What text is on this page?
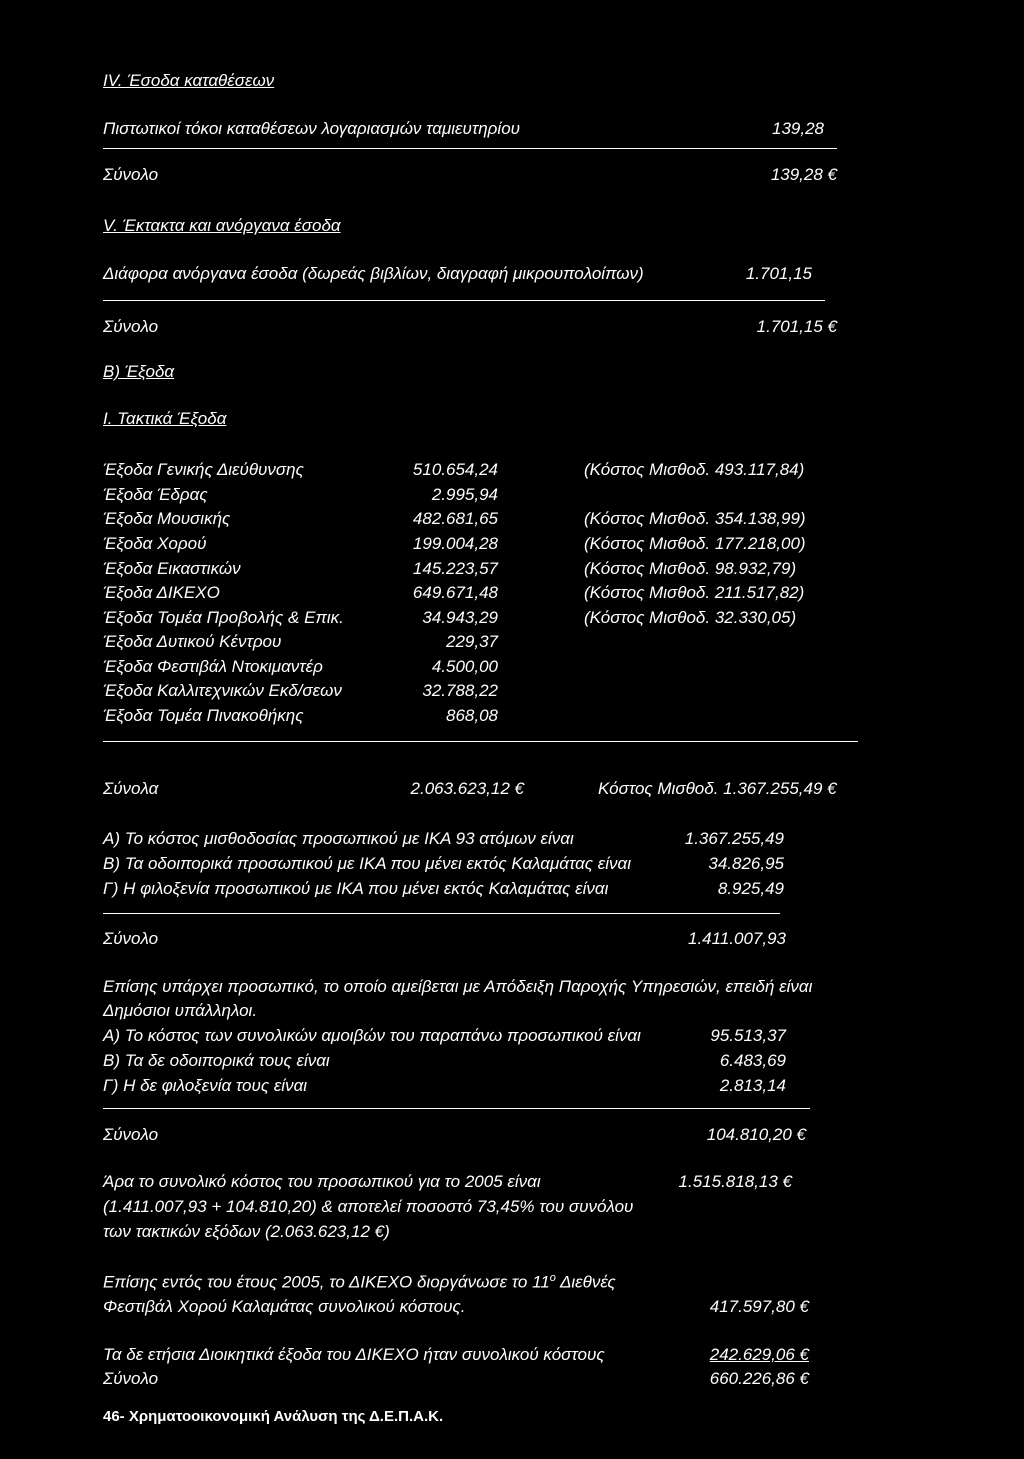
IV. Έσοδα καταθέσεων
Πιστωτικοί τόκοι καταθέσεων λογαριασμών ταμιευτηρίου	139,28
Σύνολο	139,28 €
V. Έκτακτα και ανόργανα έσοδα
Διάφορα ανόργανα έσοδα (δωρεάς βιβλίων, διαγραφή μικρουπολοίπων)	1.701,15
Σύνολο	1.701,15 €
Β) Έξοδα
Ι. Τακτικά Έξοδα
Έξοδα Γενικής Διεύθυνσης	510.654,24	(Κόστος Μισθοδ. 493.117,84)
Έξοδα Έδρας	2.995,94
Έξοδα Μουσικής	482.681,65	(Κόστος Μισθοδ. 354.138,99)
Έξοδα Χορού	199.004,28	(Κόστος Μισθοδ. 177.218,00)
Έξοδα Εικαστικών	145.223,57	(Κόστος Μισθοδ. 98.932,79)
Έξοδα ΔΙΚΕΧΟ	649.671,48	(Κόστος Μισθοδ. 211.517,82)
Έξοδα Τομέα Προβολής & Επικ.	34.943,29	(Κόστος Μισθοδ. 32.330,05)
Έξοδα Δυτικού Κέντρου	229,37
Έξοδα Φεστιβάλ Ντοκιμαντέρ	4.500,00
Έξοδα Καλλιτεχνικών Εκδ/σεων	32.788,22
Έξοδα Τομέα Πινακοθήκης	868,08
Σύνολα	2.063.623,12 €	Κόστος Μισθοδ. 1.367.255,49 €
Α) Το κόστος μισθοδοσίας προσωπικού με ΙΚΑ 93 ατόμων είναι	1.367.255,49
Β) Τα οδοιπορικά προσωπικού με ΙΚΑ που μένει εκτός Καλαμάτας είναι	34.826,95
Γ) Η φιλοξενία προσωπικού με ΙΚΑ που μένει εκτός Καλαμάτας είναι	8.925,49
Σύνολο	1.411.007,93
Επίσης υπάρχει προσωπικό, το οποίο αμείβεται με Απόδειξη Παροχής Υπηρεσιών, επειδή είναι
Δημόσιοι υπάλληλοι.
Α) Το κόστος των συνολικών αμοιβών του παραπάνω προσωπικού είναι	95.513,37
Β) Τα δε οδοιπορικά τους είναι	6.483,69
Γ) Η δε φιλοξενία τους είναι	2.813,14
Σύνολο	104.810,20 €
Άρα το συνολικό κόστος του προσωπικού για το 2005 είναι	1.515.818,13 €
(1.411.007,93 + 104.810,20) & αποτελεί ποσοστό 73,45% του συνόλου
των τακτικών εξόδων (2.063.623,12 €)
Επίσης εντός του έτους 2005, το ΔΙΚΕΧΟ διοργάνωσε το $11^o$ Διεθνές
Φεστιβάλ Χορού Καλαμάτας συνολικού κόστους.	417.597,80 €
Τα δε ετήσια Διοικητικά έξοδα του ΔΙΚΕΧΟ ήταν συνολικού κόστους	242.629,06 €
Σύνολο	660.226,86 €
46- Χρηματοοικονομική Ανάλυση της Δ.Ε.Π.Α.Κ.
